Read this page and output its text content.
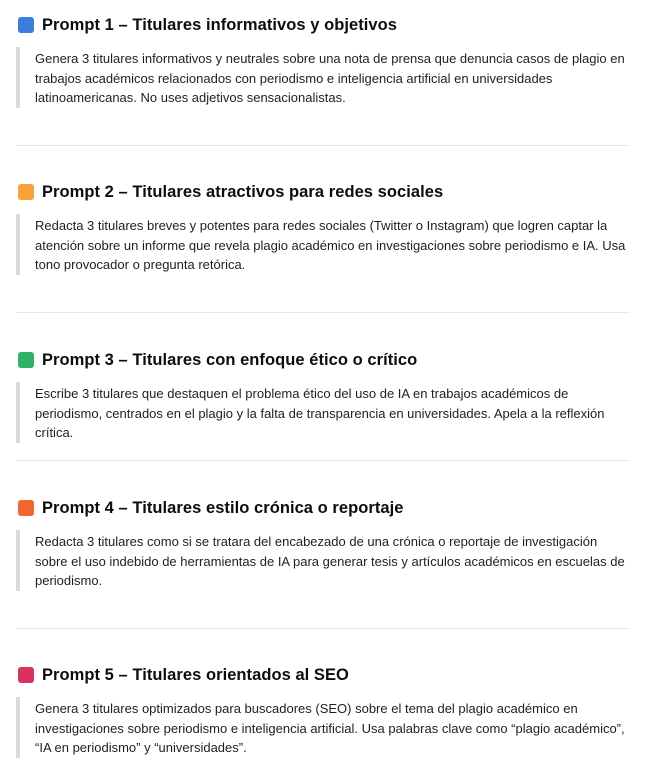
Prompt 1 – Titulares informativos y objetivos
Genera 3 titulares informativos y neutrales sobre una nota de prensa que denuncia casos de plagio en trabajos académicos relacionados con periodismo e inteligencia artificial en universidades latinoamericanas. No uses adjetivos sensacionalistas.
Prompt 2 – Titulares atractivos para redes sociales
Redacta 3 titulares breves y potentes para redes sociales (Twitter o Instagram) que logren captar la atención sobre un informe que revela plagio académico en investigaciones sobre periodismo e IA. Usa tono provocador o pregunta retórica.
Prompt 3 – Titulares con enfoque ético o crítico
Escribe 3 titulares que destaquen el problema ético del uso de IA en trabajos académicos de periodismo, centrados en el plagio y la falta de transparencia en universidades. Apela a la reflexión crítica.
Prompt 4 – Titulares estilo crónica o reportaje
Redacta 3 titulares como si se tratara del encabezado de una crónica o reportaje de investigación sobre el uso indebido de herramientas de IA para generar tesis y artículos académicos en escuelas de periodismo.
Prompt 5 – Titulares orientados al SEO
Genera 3 titulares optimizados para buscadores (SEO) sobre el tema del plagio académico en investigaciones sobre periodismo e inteligencia artificial. Usa palabras clave como “plagio académico”, “IA en periodismo” y “universidades”.
